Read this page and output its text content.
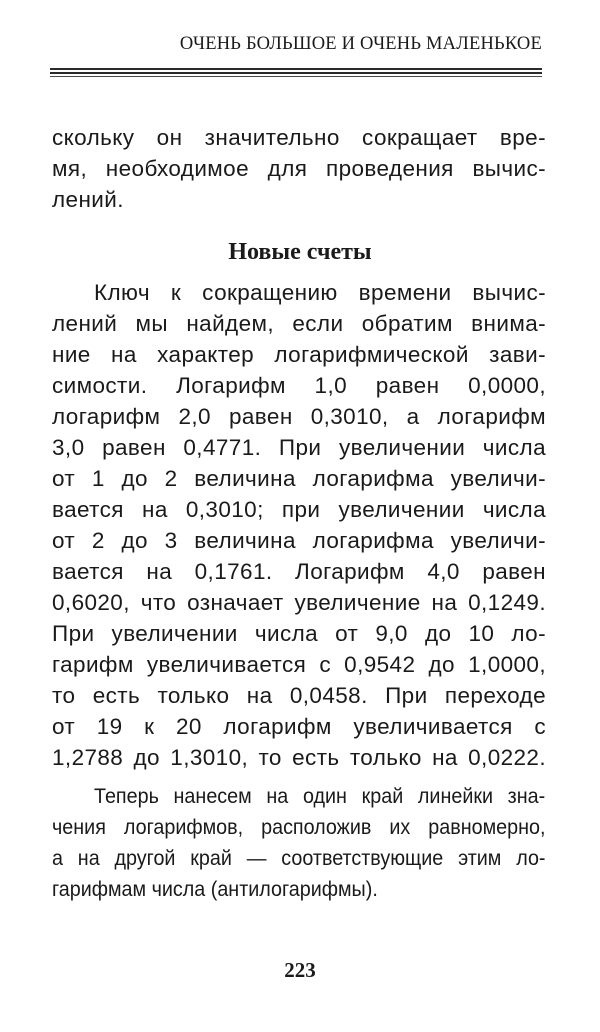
ОЧЕНЬ БОЛЬШОЕ И ОЧЕНЬ МАЛЕНЬКОЕ
скольку он значительно сокращает вре-
мя, необходимое для проведения вычис-
лений.
Новые счеты
Ключ к сокращению времени вычис-
лений мы найдем, если обратим внима-
ние на характер логарифмической зави-
симости. Логарифм 1,0 равен 0,0000,
логарифм 2,0 равен 0,3010, а логарифм
3,0 равен 0,4771. При увеличении числа
от 1 до 2 величина логарифма увеличи-
вается на 0,3010; при увеличении числа
от 2 до 3 величина логарифма увеличи-
вается на 0,1761. Логарифм 4,0 равен
0,6020, что означает увеличение на 0,1249.
При увеличении числа от 9,0 до 10 ло-
гарифм увеличивается с 0,9542 до 1,0000,
то есть только на 0,0458. При переходе
от 19 к 20 логарифм увеличивается с
1,2788 до 1,3010, то есть только на 0,0222.
Теперь нанесем на один край линейки зна-
чения логарифмов, расположив их равномерно,
а на другой край — соответствующие этим ло-
гарифмам числа (антилогарифмы).
223
